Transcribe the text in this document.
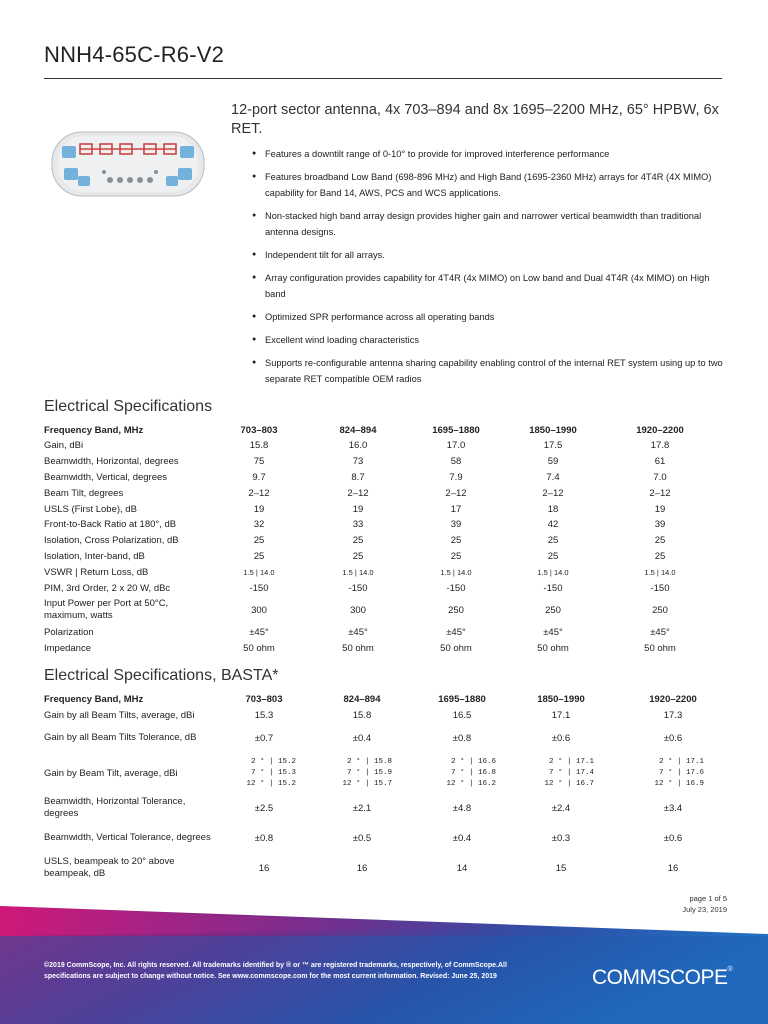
NNH4-65C-R6-V2
12-port sector antenna, 4x 703–894 and 8x 1695–2200 MHz, 65° HPBW, 6x RET.
● Features a downtilt range of 0-10° to provide for improved interference performance
● Features broadband Low Band (698-896 MHz) and High Band (1695-2360 MHz) arrays for 4T4R (4X MIMO) capability for Band 14, AWS, PCS and WCS applications.
● Non-stacked high band array design provides higher gain and narrower vertical beamwidth than traditional antenna designs.
● Independent tilt for all arrays.
● Array configuration provides capability for 4T4R (4x MIMO) on Low band and Dual 4T4R (4x MIMO) on High band
● Optimized SPR performance across all operating bands
● Excellent wind loading characteristics
● Supports re-configurable antenna sharing capability enabling control of the internal RET system using up to two separate RET compatible OEM radios
Electrical Specifications
Frequency Band, MHz	703–803	824–894	1695–1880	1850–1990	1920–2200
Gain, dBi	15.8	16.0	17.0	17.5	17.8
Beamwidth, Horizontal, degrees	75	73	58	59	61
Beamwidth, Vertical, degrees	9.7	8.7	7.9	7.4	7.0
Beam Tilt, degrees	2–12	2–12	2–12	2–12	2–12
USLS (First Lobe), dB	19	19	17	18	19
Front-to-Back Ratio at 180°, dB	32	33	39	42	39
Isolation, Cross Polarization, dB	25	25	25	25	25
Isolation, Inter-band, dB	25	25	25	25	25
VSWR | Return Loss, dB	1.5 | 14.0	1.5 | 14.0	1.5 | 14.0	1.5 | 14.0	1.5 | 14.0
PIM, 3rd Order, 2 x 20 W, dBc	-150	-150	-150	-150	-150
Input Power per Port at 50°C, maximum, watts	300	300	250	250	250
Polarization	±45°	±45°	±45°	±45°	±45°
Impedance	50 ohm	50 ohm	50 ohm	50 ohm	50 ohm
Electrical Specifications, BASTA*
Frequency Band, MHz	703–803	824–894	1695–1880	1850–1990	1920–2200
Gain by all Beam Tilts, average, dBi	15.3	15.8	16.5	17.1	17.3
Gain by all Beam Tilts Tolerance, dB	±0.7	±0.4	±0.8	±0.6	±0.6
Gain by Beam Tilt, average, dBi	2 ° | 15.2
7 ° | 15.3
12 ° | 15.2	2 ° | 15.8
7 ° | 15.9
12 ° | 15.7	2 ° | 16.6
7 ° | 16.8
12 ° | 16.2	2 ° | 17.1
7 ° | 17.4
12 ° | 16.7	2 ° | 17.1
7 ° | 17.6
12 ° | 16.9
Beamwidth, Horizontal Tolerance, degrees	±2.5	±2.1	±4.8	±2.4	±3.4
Beamwidth, Vertical Tolerance, degrees	±0.8	±0.5	±0.4	±0.3	±0.6
USLS, beampeak to 20° above beampeak, dB	16	16	14	15	16
page 1 of 5
July 23, 2019
©2019 CommScope, Inc. All rights reserved. All trademarks identified by ® or ™ are registered trademarks, respectively, of CommScope.All specifications are subject to change without notice. See www.commscope.com for the most current information. Revised: June 25, 2019	COMMSCOPE®
